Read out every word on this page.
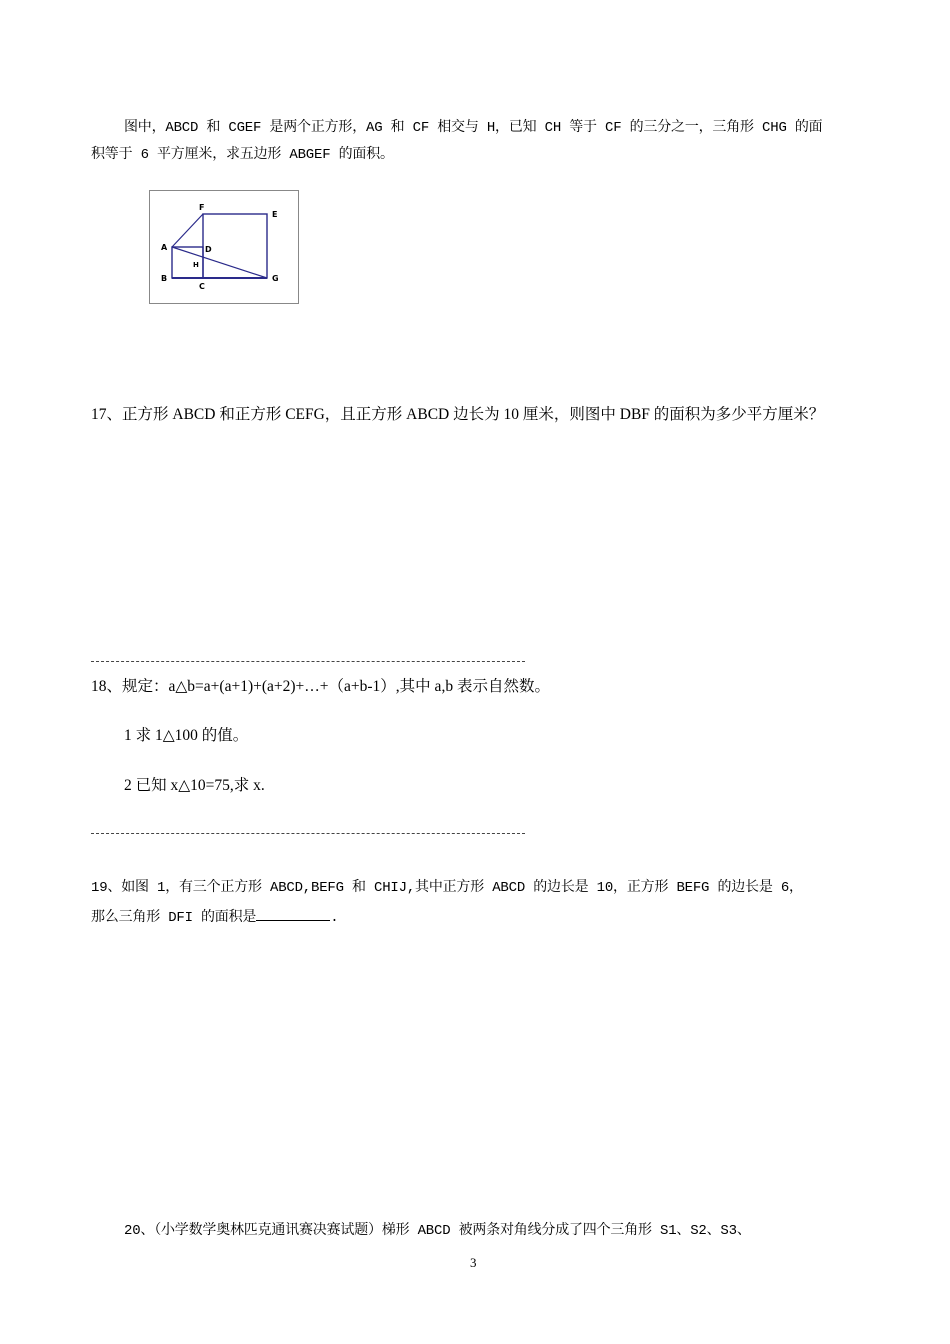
图中，ABCD 和 CGEF 是两个正方形，AG 和 CF 相交与 H，已知 CH 等于 CF 的三分之一，三角形 CHG 的面
积等于 6 平方厘米，求五边形 ABGEF 的面积。
F
E
A	D
H
B
C
G
17、正方形 ABCD 和正方形 CEFG，且正方形 ABCD 边长为 10 厘米，则图中 DBF 的面积为多少平方厘米？
18、规定：a△b=a+(a+1)+(a+2)+…+（a+b-1）,其中 a,b 表示自然数。
1 求 1△100 的值。
2 已知 x△10=75,求 x.
19、如图 1，有三个正方形 ABCD,BEFG 和 CHIJ,其中正方形 ABCD 的边长是 10，正方形 BEFG 的边长是 6，
那么三角形 DFI 的面积是	.
20、（小学数学奥林匹克通讯赛决赛试题）梯形 ABCD 被两条对角线分成了四个三角形 S1、S2、S3、
3
